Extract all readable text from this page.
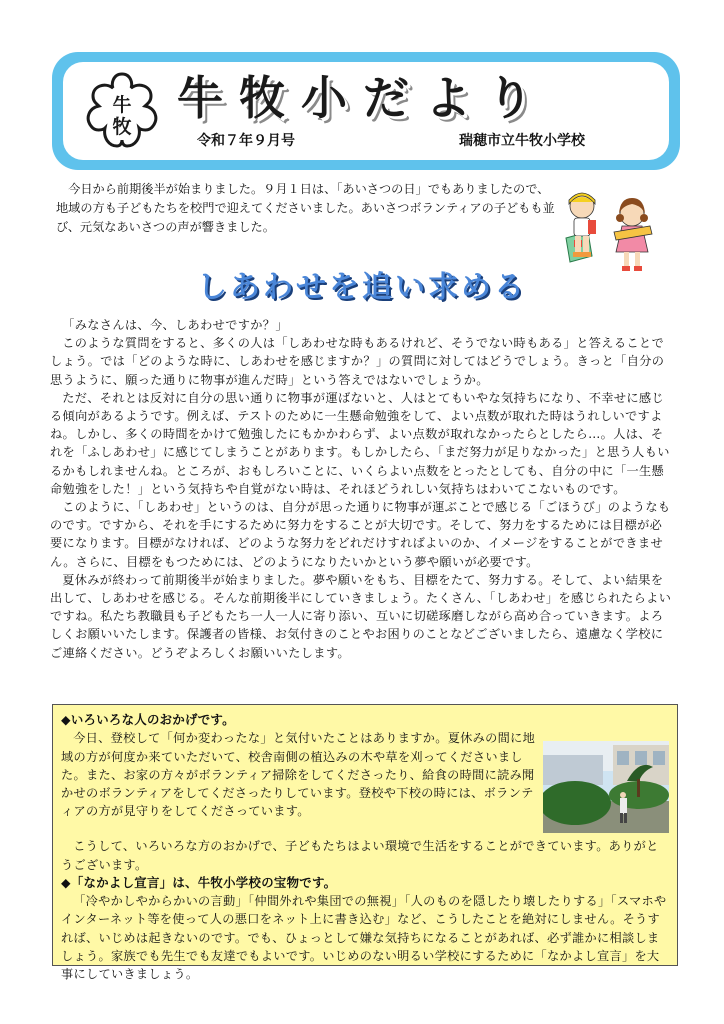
牛
牧
牛牧小だより
令和７年９月号	瑞穂市立牛牧小学校

今日から前期後半が始まりました。９月１日は、「あいさつの日」でもありましたので、地域の方も子どもたちを校門で迎えてくださいました。あいさつボランティアの子どもも並び、元気なあいさつの声が響きました。

しあわせを追い求める

「みなさんは、今、しあわせですか？」

このような質問をすると、多くの人は「しあわせな時もあるけれど、そうでない時もある」と答えることでしょう。では「どのような時に、しあわせを感じますか？」の質問に対してはどうでしょう。きっと「自分の思うように、願った通りに物事が進んだ時」という答えではないでしょうか。

ただ、それとは反対に自分の思い通りに物事が運ばないと、人はとてもいやな気持ちになり、不幸せに感じる傾向があるようです。例えば、テストのために一生懸命勉強をして、よい点数が取れた時はうれしいですよね。しかし、多くの時間をかけて勉強したにもかかわらず、よい点数が取れなかったらとしたら…。人は、それを「ふしあわせ」に感じてしまうことがあります。もしかしたら、「まだ努力が足りなかった」と思う人もいるかもしれませんね。ところが、おもしろいことに、いくらよい点数をとったとしても、自分の中に「一生懸命勉強をした！」という気持ちや自覚がない時は、それほどうれしい気持ちはわいてこないものです。

このように、「しあわせ」というのは、自分が思った通りに物事が運ぶことで感じる「ごほうび」のようなものです。ですから、それを手にするために努力をすることが大切です。そして、努力をするためには目標が必要になります。目標がなければ、どのような努力をどれだけすればよいのか、イメージをすることができません。さらに、目標をもつためには、どのようになりたいかという夢や願いが必要です。

夏休みが終わって前期後半が始まりました。夢や願いをもち、目標をたて、努力する。そして、よい結果を出して、しあわせを感じる。そんな前期後半にしていきましょう。たくさん、「しあわせ」を感じられたらよいですね。私たち教職員も子どもたち一人一人に寄り添い、互いに切磋琢磨しながら高め合っていきます。よろしくお願いいたします。保護者の皆様、お気付きのことやお困りのことなどございましたら、遠慮なく学校にご連絡ください。どうぞよろしくお願いいたします。

◆いろいろな人のおかげです。

今日、登校して「何か変わったな」と気付いたことはありますか。夏休みの間に地域の方が何度か来ていただいて、校舎南側の植込みの木や草を刈ってくださいました。また、お家の方々がボランティア掃除をしてくださったり、給食の時間に読み聞かせのボランティアをしてくださったりしています。登校や下校の時には、ボランティアの方が見守りをしてくださっています。

こうして、いろいろな方のおかげで、子どもたちはよい環境で生活をすることができています。ありがとうございます。

◆「なかよし宣言」は、牛牧小学校の宝物です。

「冷やかしやからかいの言動」「仲間外れや集団での無視」「人のものを隠したり壊したりする」「スマホやインターネット等を使って人の悪口をネット上に書き込む」など、こうしたことを絶対にしません。そうすれば、いじめは起きないのです。でも、ひょっとして嫌な気持ちになることがあれば、必ず誰かに相談しましょう。家族でも先生でも友達でもよいです。いじめのない明るい学校にするために「なかよし宣言」を大事にしていきましょう。
